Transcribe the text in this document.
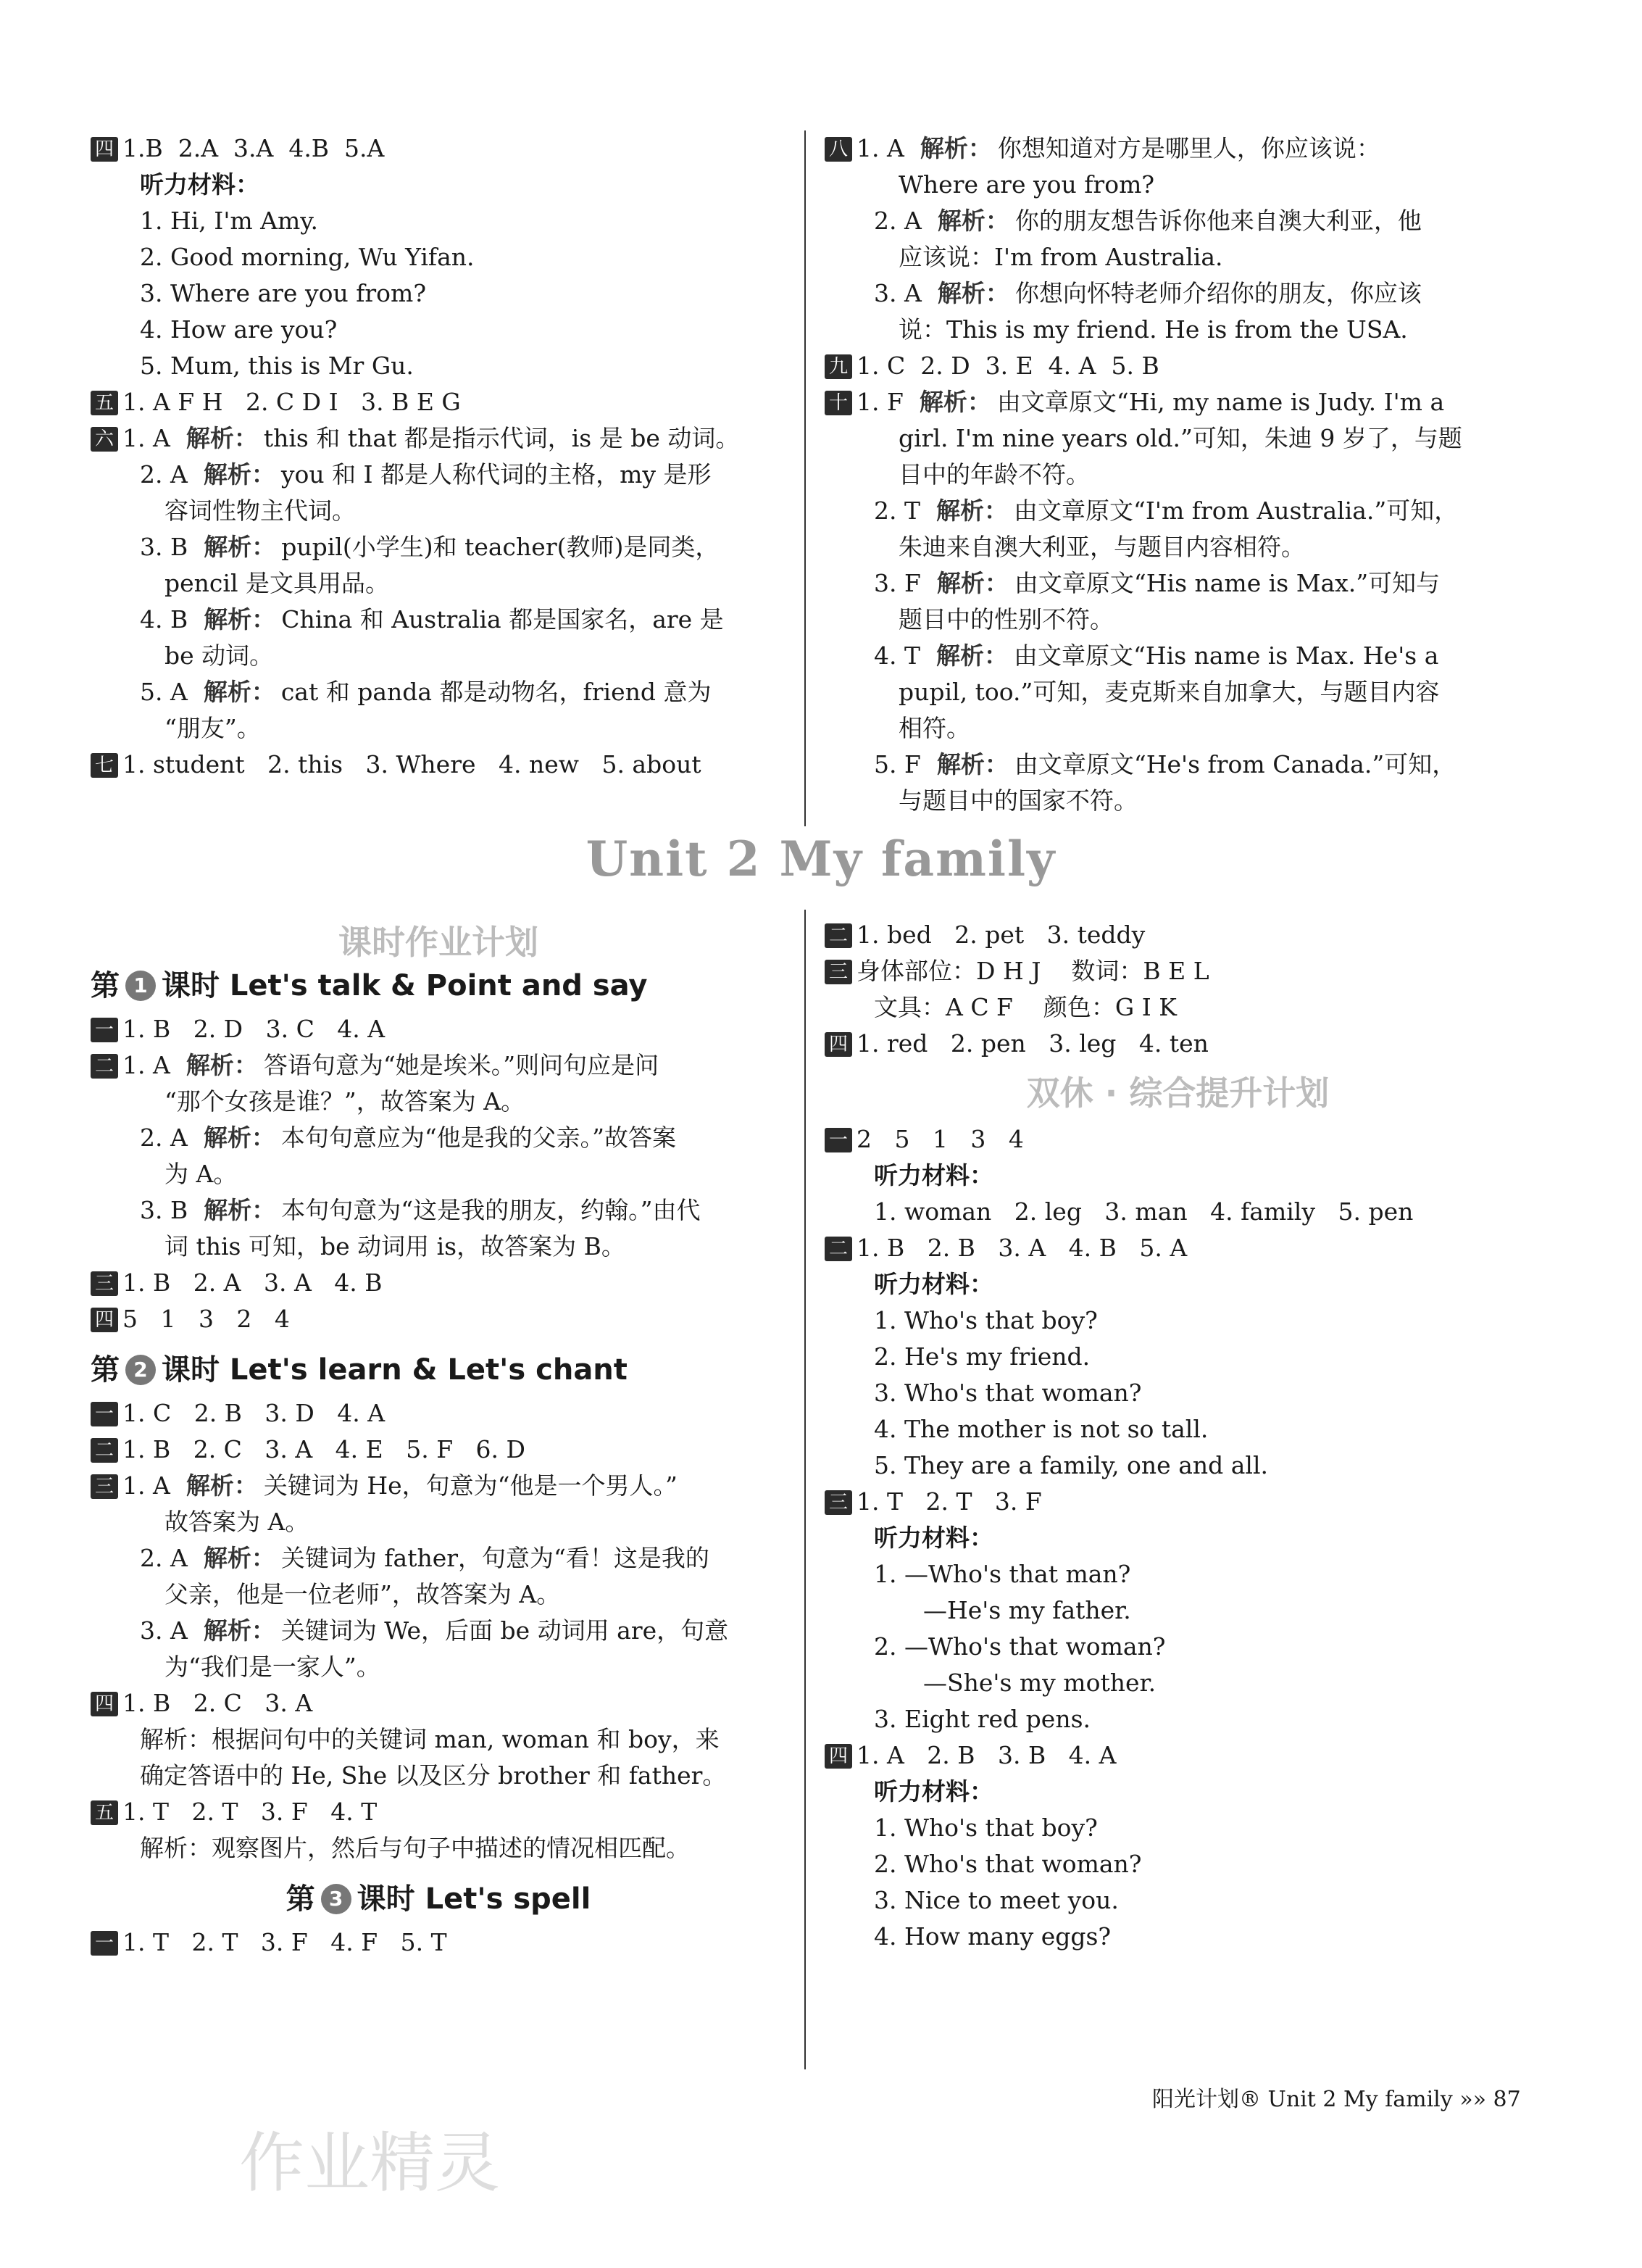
四 1.B  2.A  3.A  4.B  5.A
听力材料：
1. Hi, I'm Amy.
2. Good morning, Wu Yifan.
3. Where are you from?
4. How are you?
5. Mum, this is Mr Gu.
五 1. A F H   2. C D I   3. B E G
六 1. A 解析： this 和 that 都是指示代词，is 是 be 动词。
2. A 解析： you 和 I 都是人称代词的主格，my 是形
容词性物主代词。
3. B 解析： pupil(小学生)和 teacher(教师)是同类，
pencil 是文具用品。
4. B 解析： China 和 Australia 都是国家名，are 是
be 动词。
5. A 解析： cat 和 panda 都是动物名，friend 意为
“朋友”。
七 1. student   2. this   3. Where   4. new   5. about
八 1. A 解析： 你想知道对方是哪里人，你应该说：
Where are you from?
2. A 解析： 你的朋友想告诉你他来自澳大利亚，他
应该说：I'm from Australia.
3. A 解析： 你想向怀特老师介绍你的朋友，你应该
说：This is my friend. He is from the USA.
九 1. C  2. D  3. E  4. A  5. B
十 1. F 解析： 由文章原文“Hi, my name is Judy. I'm a
girl. I'm nine years old.”可知，朱迪 9 岁了，与题
目中的年龄不符。
2. T 解析： 由文章原文“I'm from Australia.”可知，
朱迪来自澳大利亚，与题目内容相符。
3. F 解析： 由文章原文“His name is Max.”可知与
题目中的性别不符。
4. T 解析： 由文章原文“His name is Max. He's a
pupil, too.”可知，麦克斯来自加拿大，与题目内容
相符。
5. F 解析： 由文章原文“He's from Canada.”可知，
与题目中的国家不符。
Unit 2 My family
课时作业计划
第 1 课时 Let's talk & Point and say
一 1. B   2. D   3. C   4. A
二 1. A 解析： 答语句意为“她是埃米。”则问句应是问
“那个女孩是谁？”，故答案为 A。
2. A 解析： 本句句意应为“他是我的父亲。”故答案
为 A。
3. B 解析： 本句句意为“这是我的朋友，约翰。”由代
词 this 可知，be 动词用 is，故答案为 B。
三 1. B   2. A   3. A   4. B
四 5   1   3   2   4
第 2 课时 Let's learn & Let's chant
一 1. C   2. B   3. D   4. A
二 1. B   2. C   3. A   4. E   5. F   6. D
三 1. A 解析： 关键词为 He，句意为“他是一个男人。”
故答案为 A。
2. A 解析： 关键词为 father，句意为“看！这是我的
父亲，他是一位老师”，故答案为 A。
3. A 解析： 关键词为 We，后面 be 动词用 are，句意
为“我们是一家人”。
四 1. B   2. C   3. A
解析：根据问句中的关键词 man, woman 和 boy，来
确定答语中的 He, She 以及区分 brother 和 father。
五 1. T   2. T   3. F   4. T
解析：观察图片，然后与句子中描述的情况相匹配。
第 3 课时 Let's spell
一 1. T   2. T   3. F   4. F   5. T
二 1. bed   2. pet   3. teddy
三 身体部位：D H J    数词：B E L
文具：A C F    颜色：G I K
四 1. red   2. pen   3. leg   4. ten
双休 · 综合提升计划
一 2   5   1   3   4
听力材料：
1. woman   2. leg   3. man   4. family   5. pen
二 1. B   2. B   3. A   4. B   5. A
听力材料：
1. Who's that boy?
2. He's my friend.
3. Who's that woman?
4. The mother is not so tall.
5. They are a family, one and all.
三 1. T   2. T   3. F
听力材料：
1. —Who's that man?
—He's my father.
2. —Who's that woman?
—She's my mother.
3. Eight red pens.
四 1. A   2. B   3. B   4. A
听力材料：
1. Who's that boy?
2. Who's that woman?
3. Nice to meet you.
4. How many eggs?
阳光计划® Unit 2 My family »» 87
作业精灵
